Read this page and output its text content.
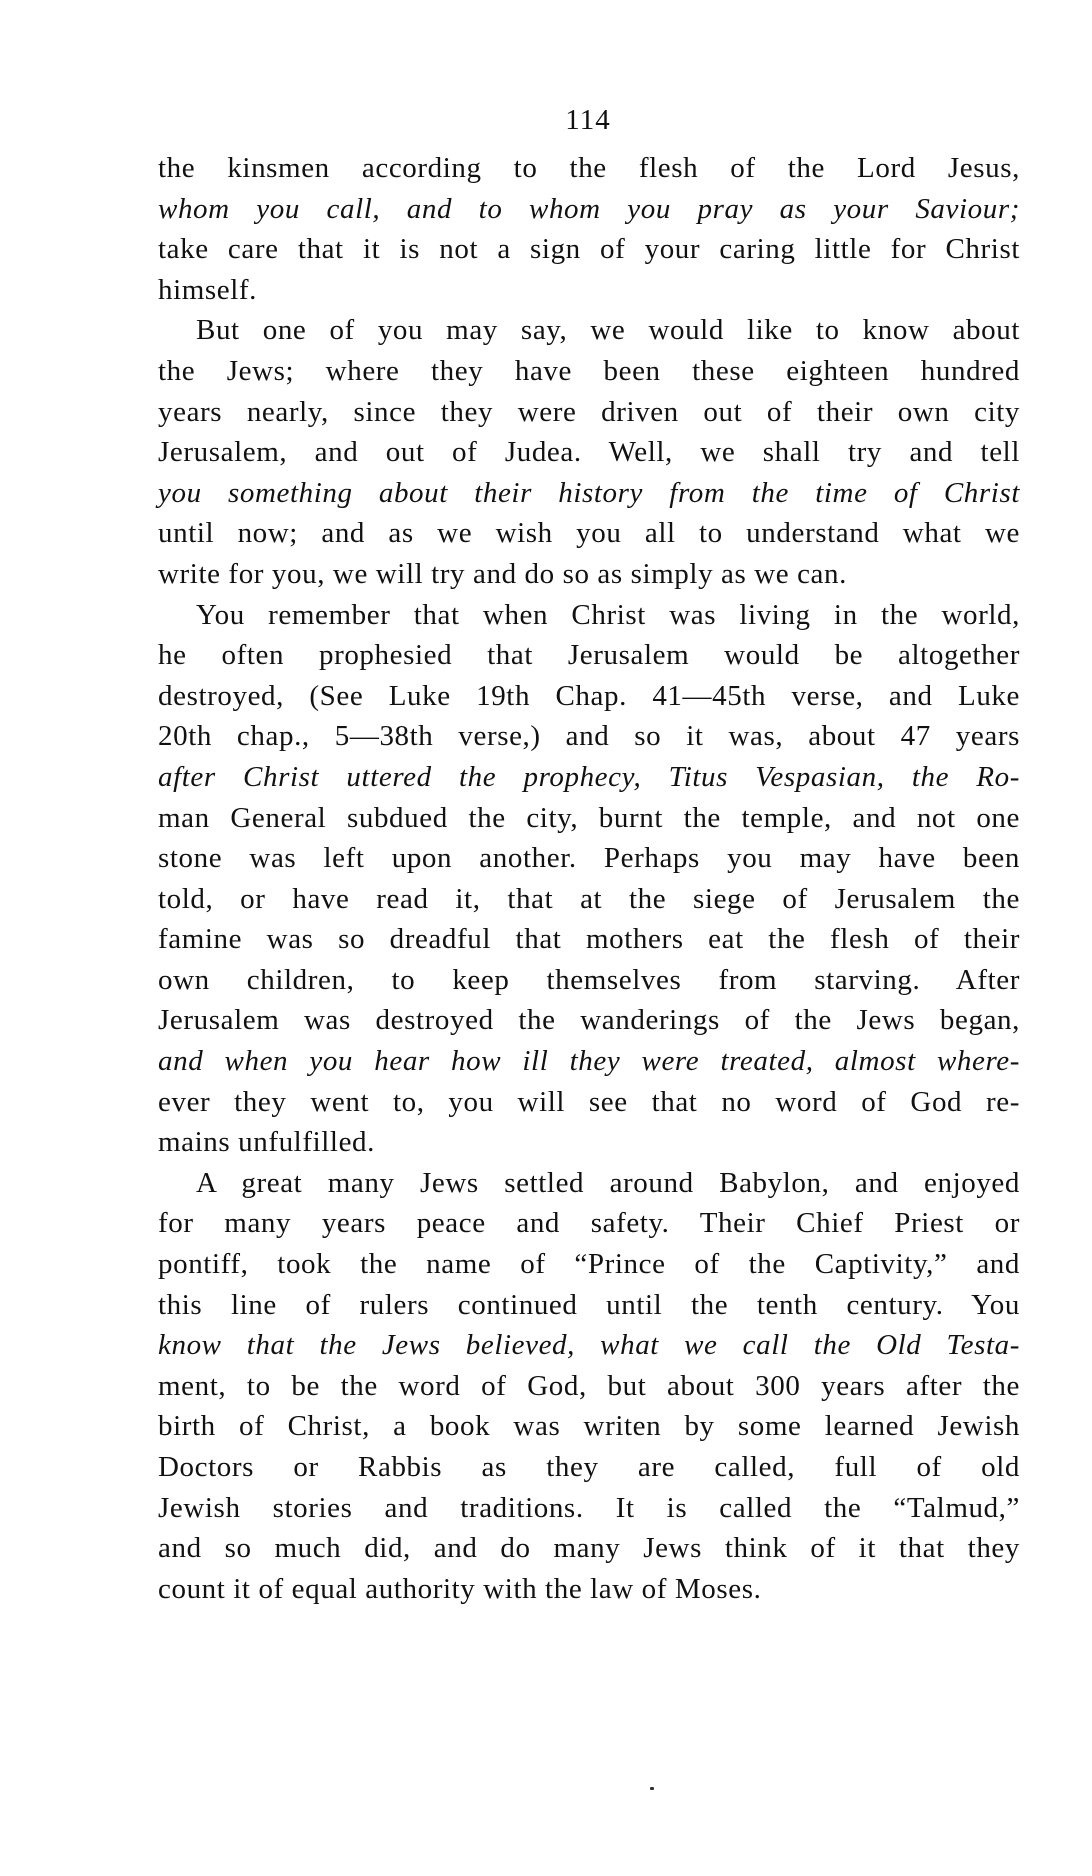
114
the kinsmen according to the flesh of the Lord Jesus,
whom you call, and to whom you pray as your Saviour;
take care that it is not a sign of your caring little for Christ
himself.
But one of you may say, we would like to know about
the Jews; where they have been these eighteen hundred
years nearly, since they were driven out of their own city
Jerusalem, and out of Judea. Well, we shall try and tell
you something about their history from the time of Christ
until now; and as we wish you all to understand what we
write for you, we will try and do so as simply as we can.
You remember that when Christ was living in the world,
he often prophesied that Jerusalem would be altogether
destroyed, (See Luke 19th Chap. 41—45th verse, and Luke
20th chap., 5—38th verse,) and so it was, about 47 years
after Christ uttered the prophecy, Titus Vespasian, the Ro-
man General subdued the city, burnt the temple, and not one
stone was left upon another. Perhaps you may have been
told, or have read it, that at the siege of Jerusalem the
famine was so dreadful that mothers eat the flesh of their
own children, to keep themselves from starving. After
Jerusalem was destroyed the wanderings of the Jews began,
and when you hear how ill they were treated, almost where-
ever they went to, you will see that no word of God re-
mains unfulfilled.
A great many Jews settled around Babylon, and enjoyed
for many years peace and safety. Their Chief Priest or
pontiff, took the name of “Prince of the Captivity,” and
this line of rulers continued until the tenth century. You
know that the Jews believed, what we call the Old Testa-
ment, to be the word of God, but about 300 years after the
birth of Christ, a book was writen by some learned Jewish
Doctors or Rabbis as they are called, full of old
Jewish stories and traditions. It is called the “Talmud,”
and so much did, and do many Jews think of it that they
count it of equal authority with the law of Moses.
